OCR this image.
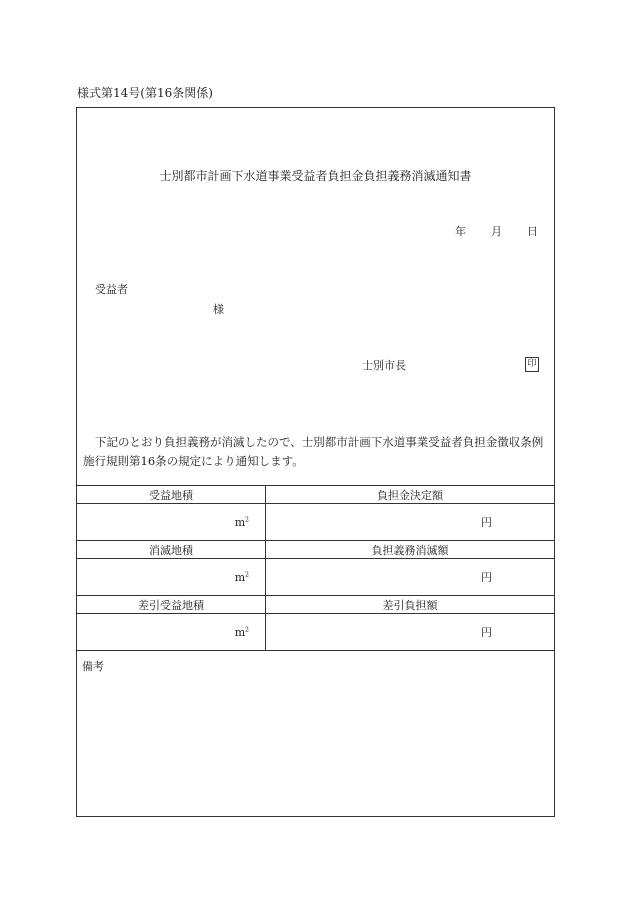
様式第14号(第16条関係)
士別都市計画下水道事業受益者負担金負担義務消滅通知書
年 月 日
受益者
様
士別市長	印
下記のとおり負担義務が消滅したので、士別都市計画下水道事業受益者負担金徴収条例施行規則第16条の規定により通知します。
受益地積	負担金決定額
$m^2$	円
消滅地積	負担義務消滅額
$m^2$	円
差引受益地積	差引負担額
$m^2$	円
備考
